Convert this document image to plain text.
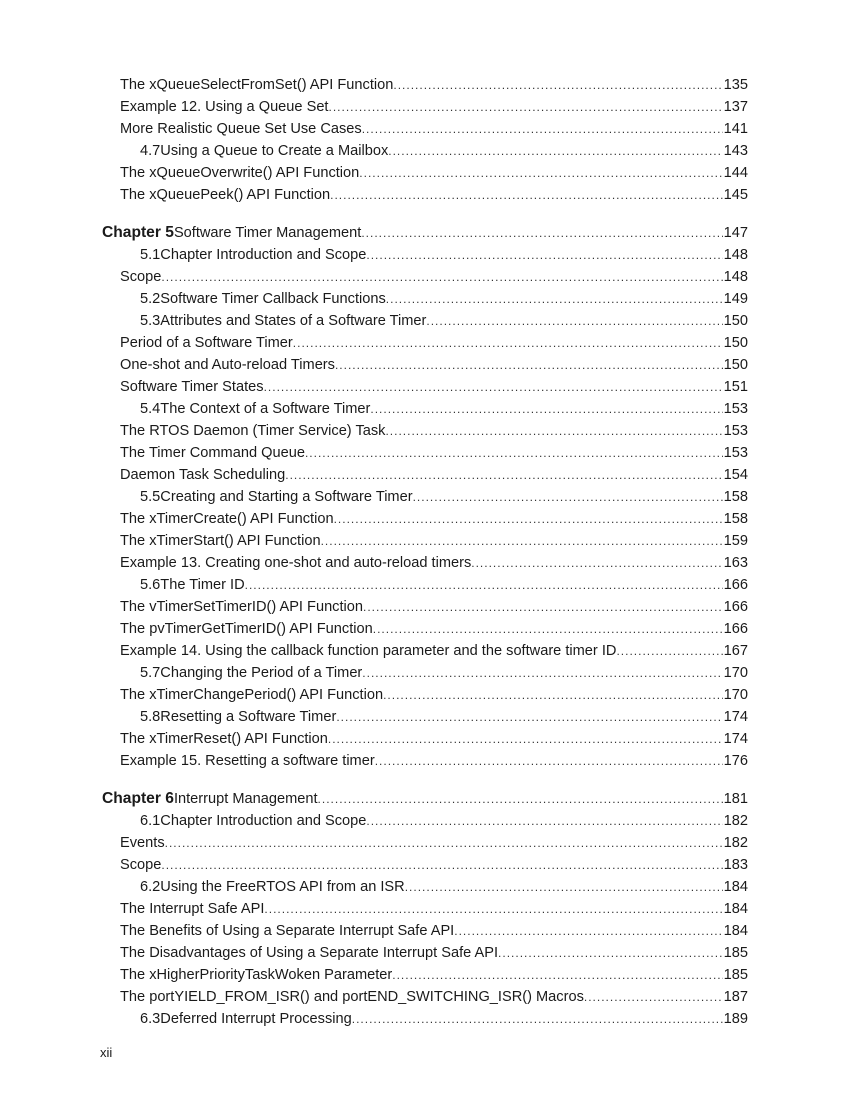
The xQueueSelectFromSet() API Function .....	135
Example 12. Using a Queue Set .....	137
More Realistic Queue Set Use Cases .....	141
4.7 Using a Queue to Create a Mailbox .....	143
The xQueueOverwrite() API Function .....	144
The xQueuePeek() API Function .....	145
Chapter 5 Software Timer Management .....	147
5.1 Chapter Introduction and Scope .....	148
Scope .....	148
5.2 Software Timer Callback Functions .....	149
5.3 Attributes and States of a Software Timer .....	150
Period of a Software Timer .....	150
One-shot and Auto-reload Timers .....	150
Software Timer States .....	151
5.4 The Context of a Software Timer .....	153
The RTOS Daemon (Timer Service) Task .....	153
The Timer Command Queue .....	153
Daemon Task Scheduling .....	154
5.5 Creating and Starting a Software Timer .....	158
The xTimerCreate() API Function .....	158
The xTimerStart() API Function .....	159
Example 13. Creating one-shot and auto-reload timers .....	163
5.6 The Timer ID .....	166
The vTimerSetTimerID() API Function .....	166
The pvTimerGetTimerID() API Function .....	166
Example 14. Using the callback function parameter and the software timer ID .....	167
5.7 Changing the Period of a Timer .....	170
The xTimerChangePeriod() API Function .....	170
5.8 Resetting a Software Timer .....	174
The xTimerReset() API Function .....	174
Example 15. Resetting a software timer .....	176
Chapter 6 Interrupt Management .....	181
6.1 Chapter Introduction and Scope .....	182
Events .....	182
Scope .....	183
6.2 Using the FreeRTOS API from an ISR .....	184
The Interrupt Safe API .....	184
The Benefits of Using a Separate Interrupt Safe API .....	184
The Disadvantages of Using a Separate Interrupt Safe API .....	185
The xHigherPriorityTaskWoken Parameter .....	185
The portYIELD_FROM_ISR() and portEND_SWITCHING_ISR() Macros .....	187
6.3 Deferred Interrupt Processing .....	189
xii
